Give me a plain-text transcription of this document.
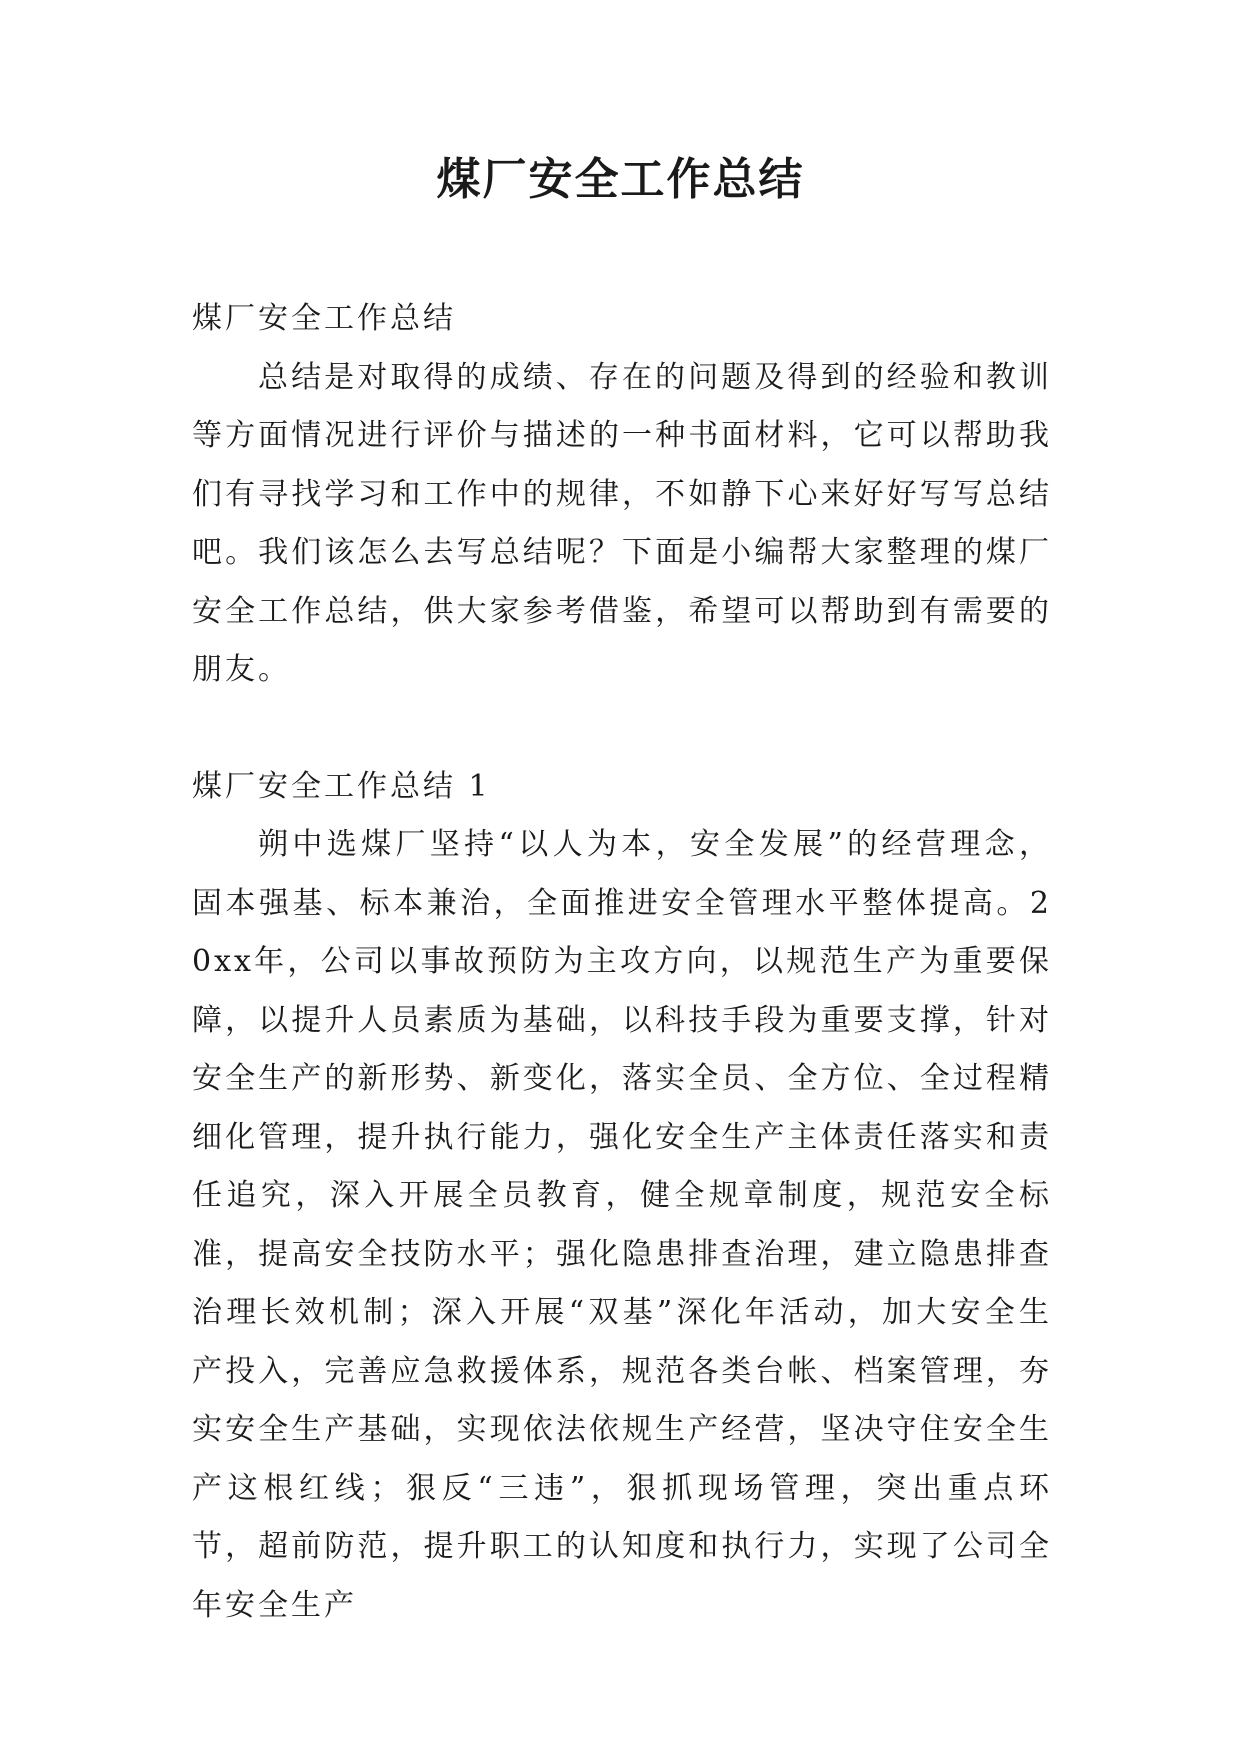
煤厂安全工作总结

煤厂安全工作总结

总结是对取得的成绩、存在的问题及得到的经验和教训等方面情况进行评价与描述的一种书面材料，它可以帮助我们有寻找学习和工作中的规律，不如静下心来好好写写总结吧。我们该怎么去写总结呢？下面是小编帮大家整理的煤厂安全工作总结，供大家参考借鉴，希望可以帮助到有需要的朋友。

煤厂安全工作总结 1

朔中选煤厂坚持“以人为本，安全发展”的经营理念，固本强基、标本兼治，全面推进安全管理水平整体提高。20xx年，公司以事故预防为主攻方向，以规范生产为重要保障，以提升人员素质为基础，以科技手段为重要支撑，针对安全生产的新形势、新变化，落实全员、全方位、全过程精细化管理，提升执行能力，强化安全生产主体责任落实和责任追究，深入开展全员教育，健全规章制度，规范安全标准，提高安全技防水平；强化隐患排查治理，建立隐患排查治理长效机制；深入开展“双基”深化年活动，加大安全生产投入，完善应急救援体系，规范各类台帐、档案管理，夯实安全生产基础，实现依法依规生产经营，坚决守住安全生产这根红线；狠反“三违”，狠抓现场管理，突出重点环节，超前防范，提升职工的认知度和执行力，实现了公司全年安全生产
